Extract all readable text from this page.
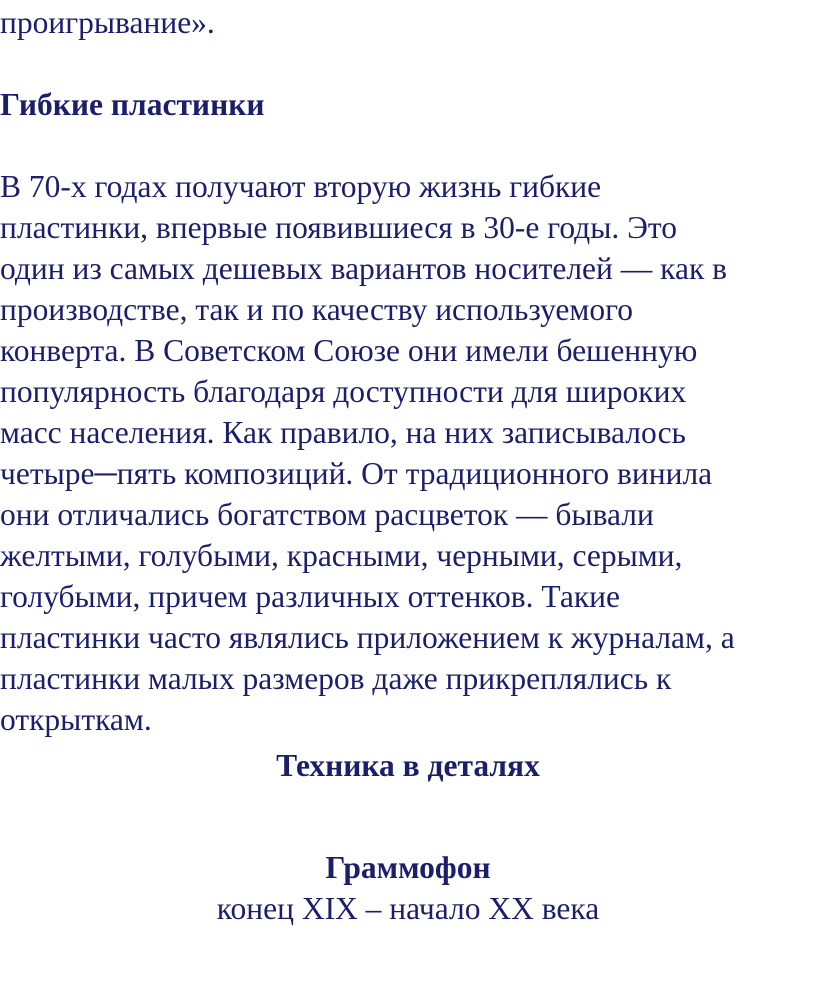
проигрывание».
Гибкие пластинки
В 70-х годах получают вторую жизнь гибкие
пластинки, впервые появившиеся в 30-е годы. Это
один из самых дешевых вариантов носителей — как в
производстве, так и по качеству используемого
конверта. В Советском Союзе они имели бешенную
популярность благодаря доступности для широких
масс населения. Как правило, на них записывалось
четыре─пять композиций. От традиционного винила
они отличались богатством расцветок — бывали
желтыми, голубыми, красными, черными, серыми,
голубыми, причем различных оттенков. Такие
пластинки часто являлись приложением к журналам, а
пластинки малых размеров даже прикреплялись к
открыткам.
Техника в деталях
Граммофон
конец XIX – начало XX века
